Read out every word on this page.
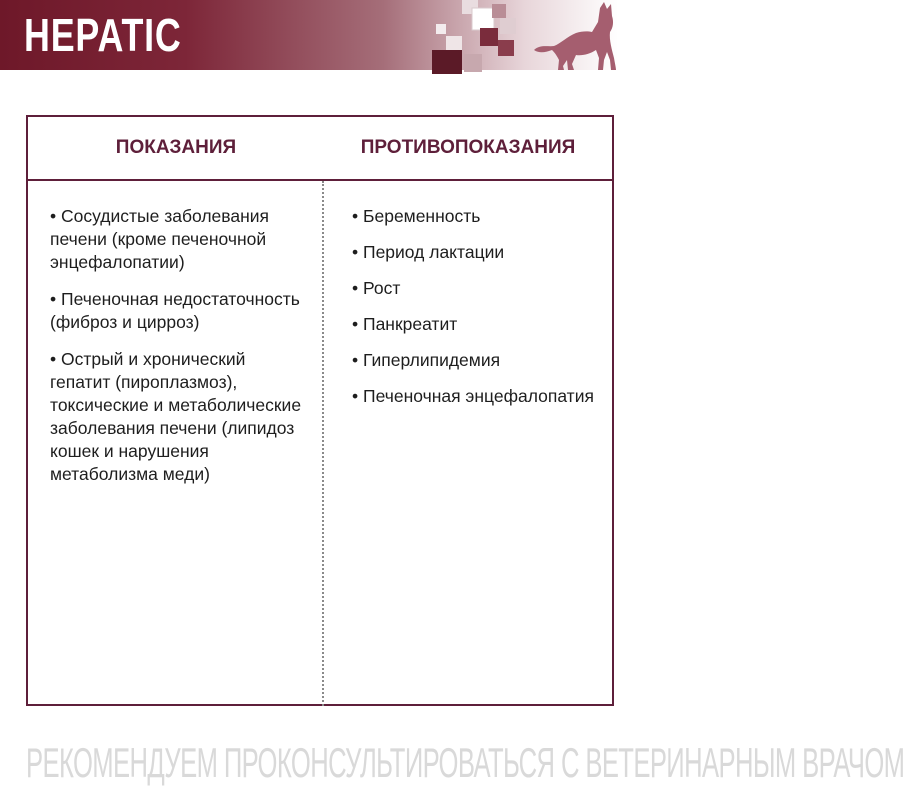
HEPATIC
ПОКАЗАНИЯ	ПРОТИВОПОКАЗАНИЯ
• Сосудистые заболевания печени (кроме печеночной энцефалопатии)
• Печеночная недостаточность (фиброз и цирроз)
• Острый и хронический гепатит (пироплазмоз), токсические и метаболические заболевания печени (липидоз кошек и нарушения метаболизма меди)
• Беременность
• Период лактации
• Рост
• Панкреатит
• Гиперлипидемия
• Печеночная энцефалопатия
РЕКОМЕНДУЕМ ПРОКОНСУЛЬТИРОВАТЬСЯ С ВЕТЕРИНАРНЫМ ВРАЧОМ
